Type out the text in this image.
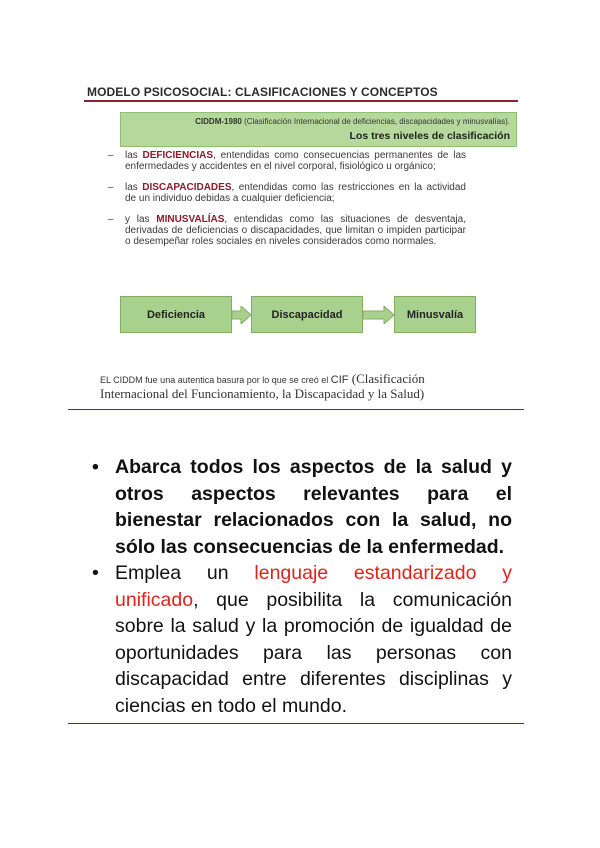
MODELO PSICOSOCIAL: CLASIFICACIONES Y CONCEPTOS
CIDDM-1980 (Clasificación Internacional de deficiencias, discapacidades y minusvalías).
Los tres niveles de clasificación
– las DEFICIENCIAS, entendidas como consecuencias permanentes de las enfermedades y accidentes en el nivel corporal, fisiológico u orgánico;
– las DISCAPACIDADES, entendidas como las restricciones en la actividad de un individuo debidas a cualquier deficiencia;
– y las MINUSVALÍAS, entendidas como las situaciones de desventaja, derivadas de deficiencias o discapacidades, que limitan o impiden participar o desempeñar roles sociales en niveles considerados como normales.
Deficiencia	Discapacidad	Minusvalía
EL CIDDM fue una autentica basura por lo que se creó el CIF (Clasificación
Internacional del Funcionamiento, la Discapacidad y la Salud)
• Abarca todos los aspectos de la salud y otros aspectos relevantes para el bienestar relacionados con la salud, no sólo las consecuencias de la enfermedad.
• Emplea un lenguaje estandarizado y unificado, que posibilita la comunicación sobre la salud y la promoción de igualdad de oportunidades para las personas con discapacidad entre diferentes disciplinas y ciencias en todo el mundo.
